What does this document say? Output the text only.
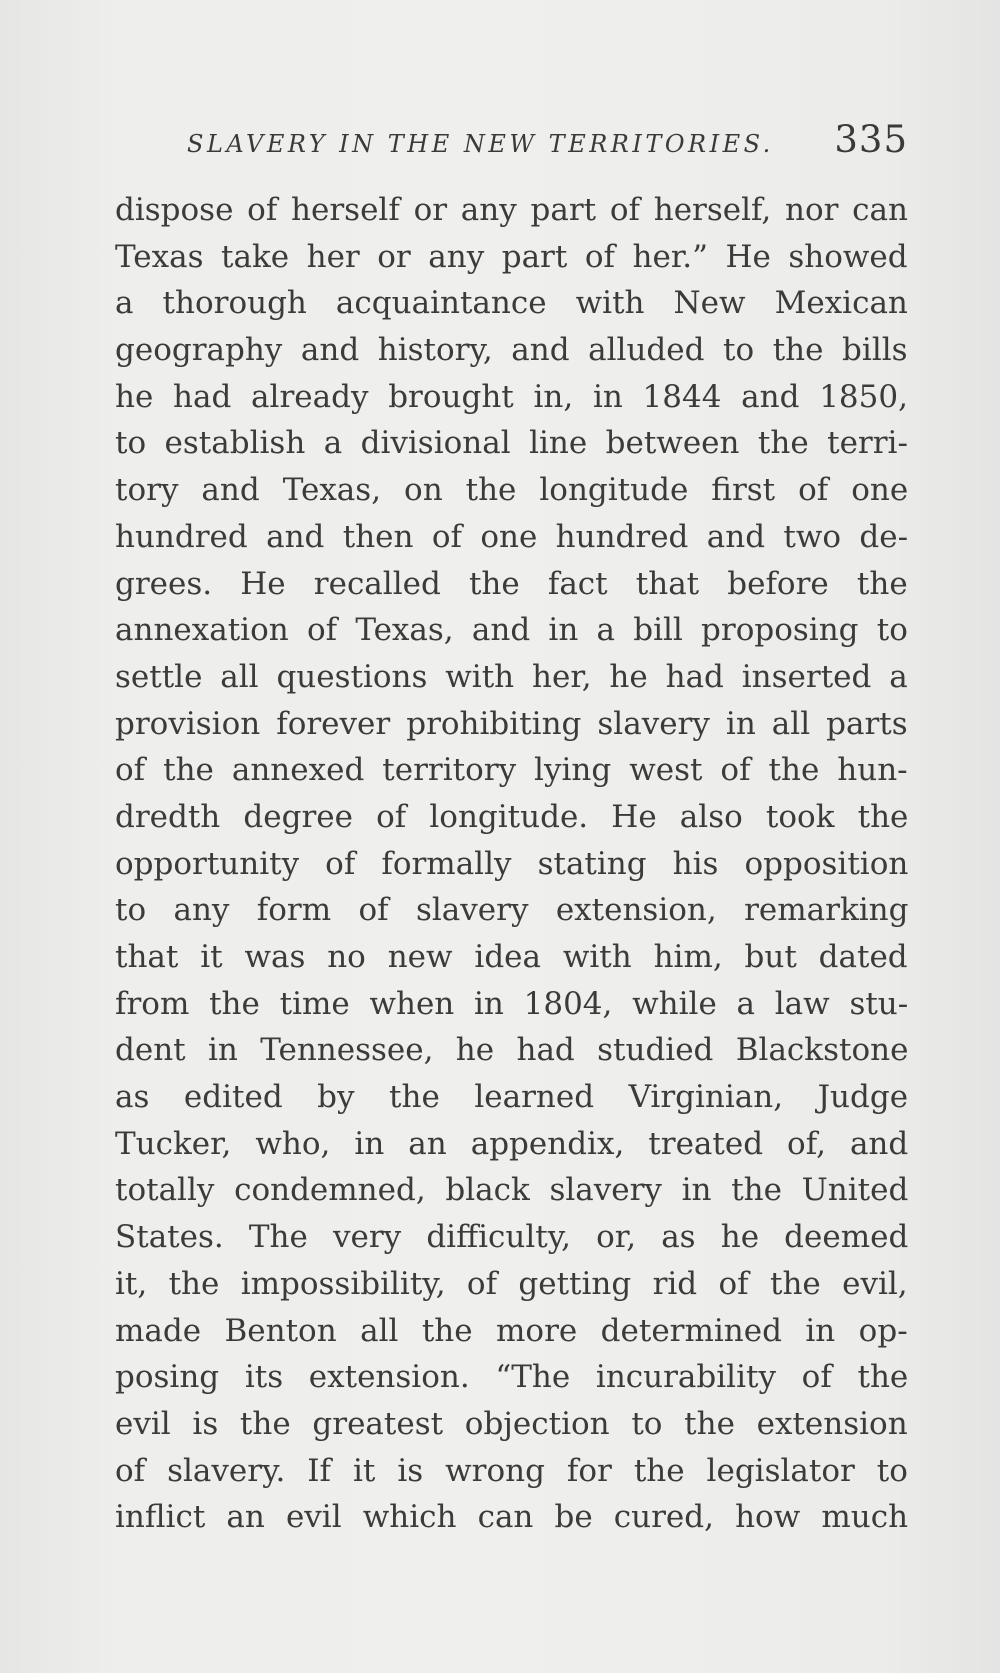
SLAVERY IN THE NEW TERRITORIES. 335
dispose of herself or any part of herself, nor can
Texas take her or any part of her.” He showed
a thorough acquaintance with New Mexican
geography and history, and alluded to the bills
he had already brought in, in 1844 and 1850,
to establish a divisional line between the terri-
tory and Texas, on the longitude first of one
hundred and then of one hundred and two de-
grees. He recalled the fact that before the
annexation of Texas, and in a bill proposing to
settle all questions with her, he had inserted a
provision forever prohibiting slavery in all parts
of the annexed territory lying west of the hun-
dredth degree of longitude. He also took the
opportunity of formally stating his opposition
to any form of slavery extension, remarking
that it was no new idea with him, but dated
from the time when in 1804, while a law stu-
dent in Tennessee, he had studied Blackstone
as edited by the learned Virginian, Judge
Tucker, who, in an appendix, treated of, and
totally condemned, black slavery in the United
States. The very difficulty, or, as he deemed
it, the impossibility, of getting rid of the evil,
made Benton all the more determined in op-
posing its extension. “The incurability of the
evil is the greatest objection to the extension
of slavery. If it is wrong for the legislator to
inflict an evil which can be cured, how much
